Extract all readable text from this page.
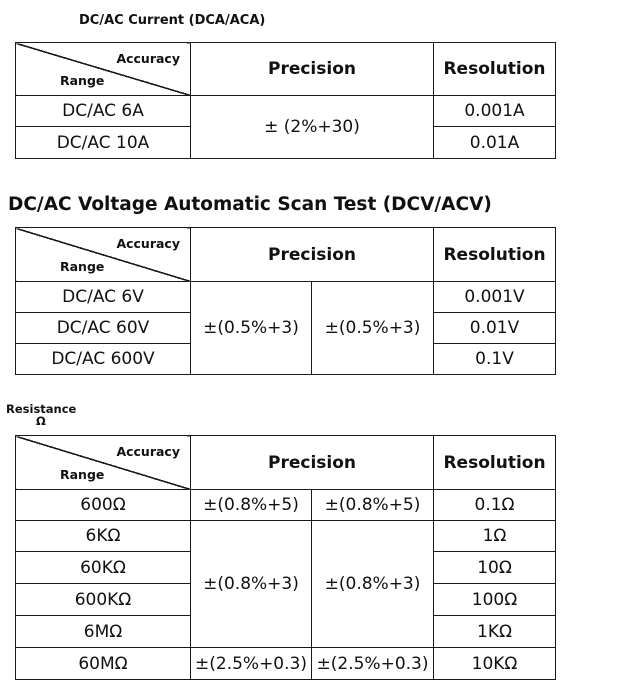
DC/AC Current (DCA/ACA)
Accuracy
Range	Precision	Resolution
DC/AC 6A	± (2%+30)	0.001A
DC/AC 10A		0.01A
DC/AC Voltage Automatic Scan Test (DCV/ACV)
Accuracy
Range	Precision		Resolution
DC/AC 6V	±(0.5%+3)	±(0.5%+3)	0.001V
DC/AC 60V			0.01V
DC/AC 600V			0.1V
Resistance
Ω
Accuracy
Range	Precision		Resolution
600Ω	±(0.8%+5)	±(0.8%+5)	0.1Ω
6KΩ	±(0.8%+3)	±(0.8%+3)	1Ω
60KΩ			10Ω
600KΩ			100Ω
6MΩ			1KΩ
60MΩ	±(2.5%+0.3)	±(2.5%+0.3)	10KΩ
